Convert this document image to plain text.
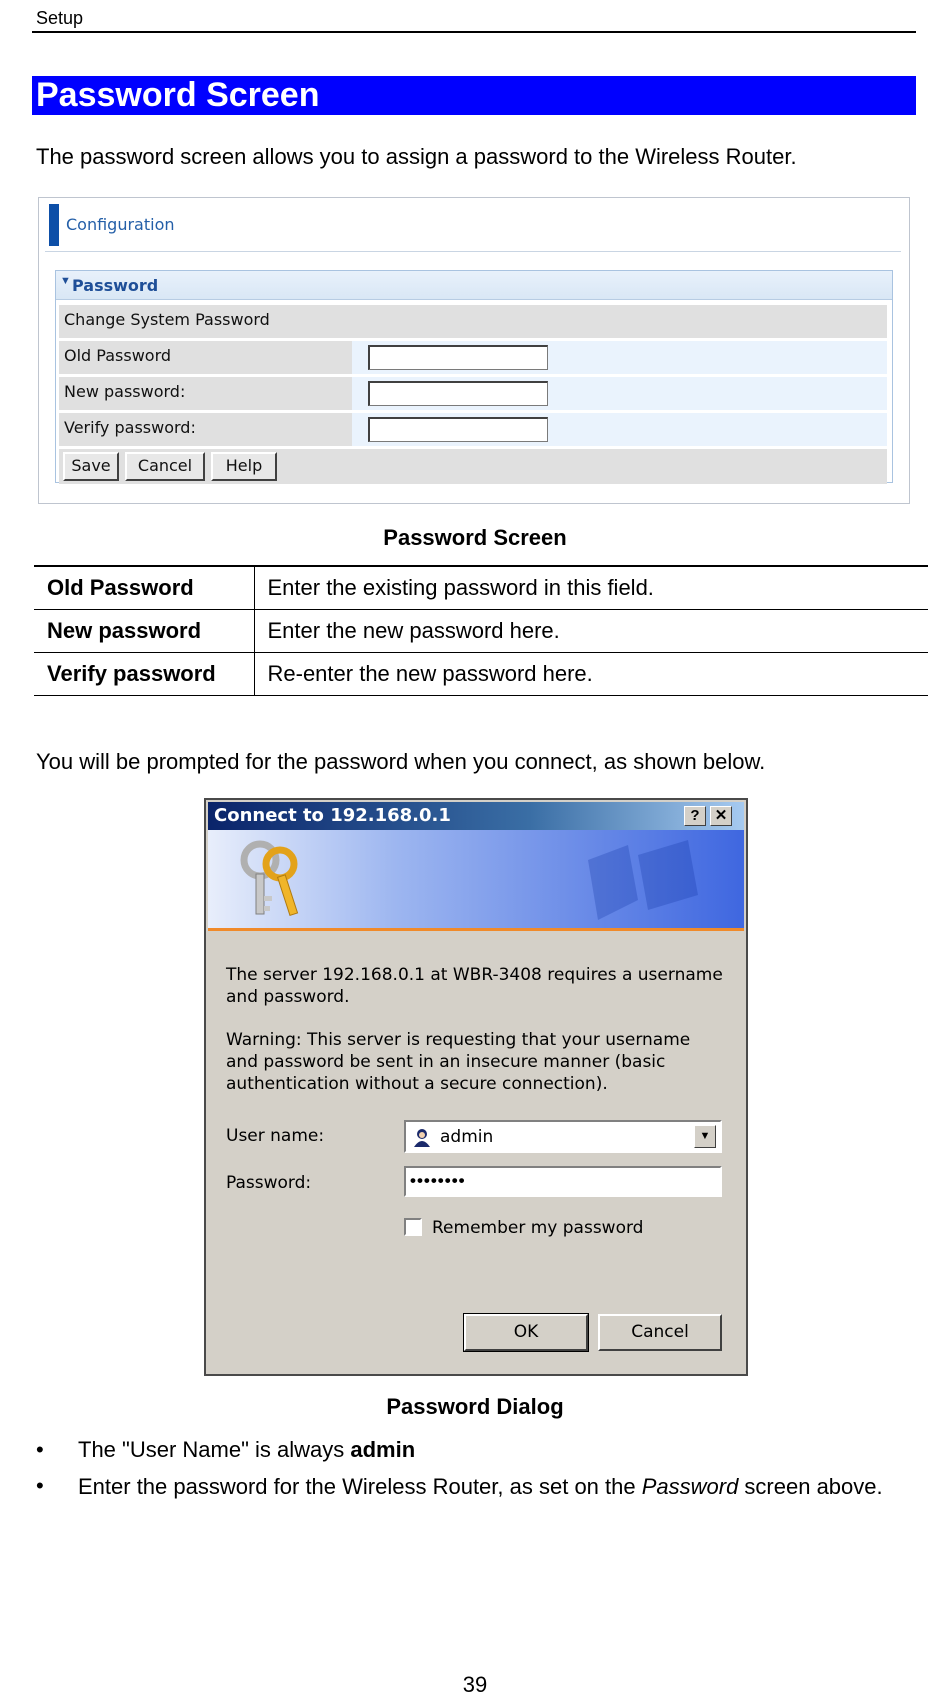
Setup
Password Screen
The password screen allows you to assign a password to the Wireless Router.
Configuration
▼ Password
Change System Password
Old Password
New password:
Verify password:
Save	Cancel	Help
Password Screen
Old Password	Enter the existing password in this field.
New password	Enter the new password here.
Verify password	Re-enter the new password here.
You will be prompted for the password when you connect, as shown below.
Connect to 192.168.0.1	?	✕
The server 192.168.0.1 at WBR-3408 requires a username and password.
Warning: This server is requesting that your username and password be sent in an insecure manner (basic authentication without a secure connection).
User name:	admin	▼
Password:	••••••••
Remember my password
OK	Cancel
Password Dialog
• The "User Name" is always admin
• Enter the password for the Wireless Router, as set on the Password screen above.
39
